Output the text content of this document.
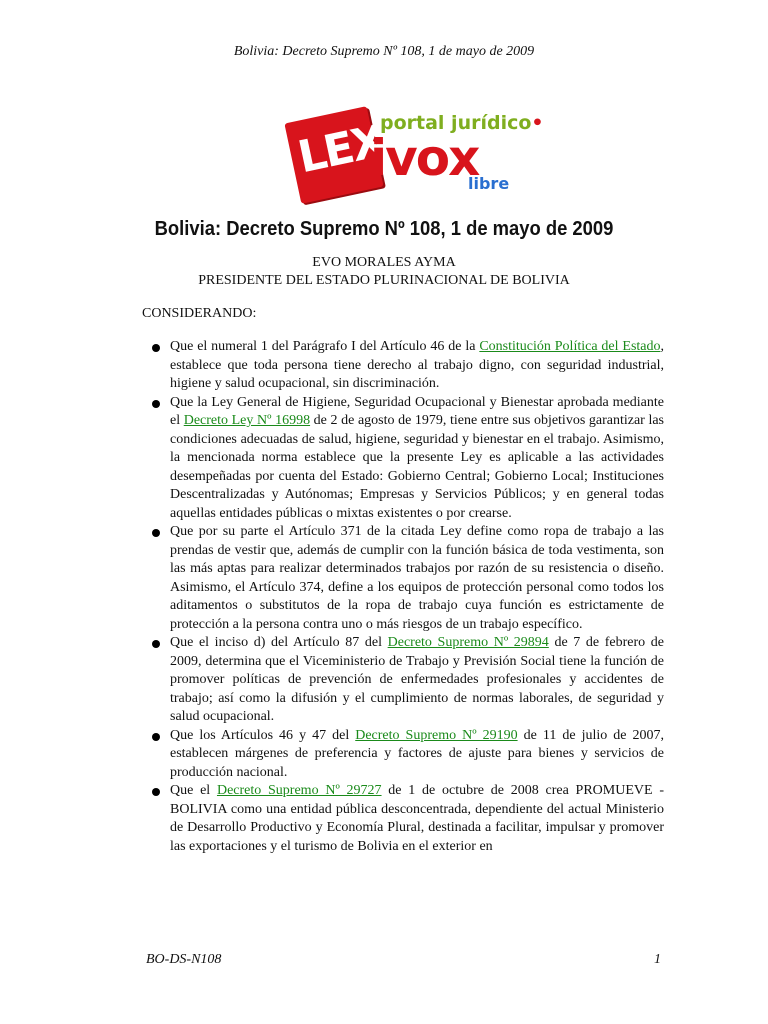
Bolivia: Decreto Supremo Nº 108, 1 de mayo de 2009
LEX
portal jurídico•
ivox
libre
Bolivia: Decreto Supremo Nº 108, 1 de mayo de 2009
EVO MORALES AYMA
PRESIDENTE DEL ESTADO PLURINACIONAL DE BOLIVIA
CONSIDERANDO:
Que el numeral 1 del Parágrafo I del Artículo 46 de la Constitución Política del Estado, establece que toda persona tiene derecho al trabajo digno, con seguridad industrial, higiene y salud ocupacional, sin discriminación.
Que la Ley General de Higiene, Seguridad Ocupacional y Bienestar aprobada mediante el Decreto Ley Nº 16998 de 2 de agosto de 1979, tiene entre sus objetivos garantizar las condiciones adecuadas de salud, higiene, seguridad y bienestar en el trabajo. Asimismo, la mencionada norma establece que la presente Ley es aplicable a las actividades desempeñadas por cuenta del Estado: Gobierno Central; Gobierno Local; Instituciones Descentralizadas y Autónomas; Empresas y Servicios Públicos; y en general todas aquellas entidades públicas o mixtas existentes o por crearse.
Que por su parte el Artículo 371 de la citada Ley define como ropa de trabajo a las prendas de vestir que, además de cumplir con la función básica de toda vestimenta, son las más aptas para realizar determinados trabajos por razón de su resistencia o diseño. Asimismo, el Artículo 374, define a los equipos de protección personal como todos los aditamentos o substitutos de la ropa de trabajo cuya función es estrictamente de protección a la persona contra uno o más riesgos de un trabajo específico.
Que el inciso d) del Artículo 87 del Decreto Supremo Nº 29894 de 7 de febrero de 2009, determina que el Viceministerio de Trabajo y Previsión Social tiene la función de promover políticas de prevención de enfermedades profesionales y accidentes de trabajo; así como la difusión y el cumplimiento de normas laborales, de seguridad y salud ocupacional.
Que los Artículos 46 y 47 del Decreto Supremo Nº 29190 de 11 de julio de 2007, establecen márgenes de preferencia y factores de ajuste para bienes y servicios de producción nacional.
Que el Decreto Supremo Nº 29727 de 1 de octubre de 2008 crea PROMUEVE - BOLIVIA como una entidad pública desconcentrada, dependiente del actual Ministerio de Desarrollo Productivo y Economía Plural, destinada a facilitar, impulsar y promover las exportaciones y el turismo de Bolivia en el exterior en
BO-DS-N108	1
